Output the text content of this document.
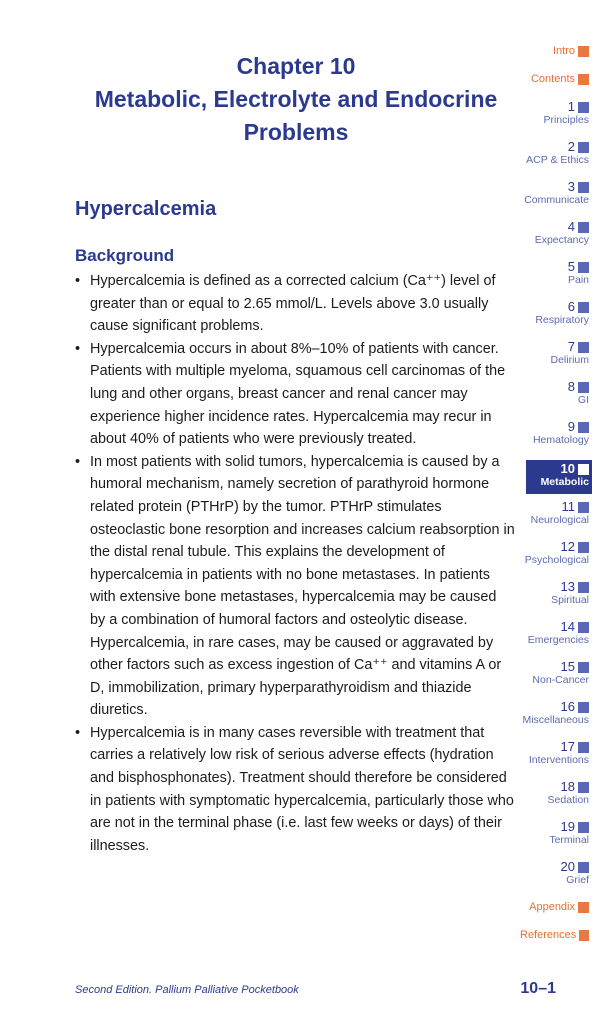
Chapter 10
Metabolic, Electrolyte and Endocrine
Problems
Hypercalcemia
Background
• Hypercalcemia is defined as a corrected calcium (Ca⁺⁺) level of greater than or equal to 2.65 mmol/L. Levels above 3.0 usually cause significant problems.
• Hypercalcemia occurs in about 8%–10% of patients with cancer. Patients with multiple myeloma, squamous cell carcinomas of the lung and other organs, breast cancer and renal cancer may experience higher incidence rates. Hypercalcemia may recur in about 40% of patients who were previously treated.
• In most patients with solid tumors, hypercalcemia is caused by a humoral mechanism, namely secretion of parathyroid hormone related protein (PTHrP) by the tumor. PTHrP stimulates osteoclastic bone resorption and increases calcium reabsorption in the distal renal tubule. This explains the development of hypercalcemia in patients with no bone metastases. In patients with extensive bone metastases, hypercalcemia may be caused by a combination of humoral factors and osteolytic disease. Hypercalcemia, in rare cases, may be caused or aggravated by other factors such as excess ingestion of Ca⁺⁺ and vitamins A or D, immobilization, primary hyperparathyroidism and thiazide diuretics.
• Hypercalcemia is in many cases reversible with treatment that carries a relatively low risk of serious adverse effects (hydration and bisphosphonates). Treatment should therefore be considered in patients with symptomatic hypercalcemia, particularly those who are not in the terminal phase (i.e. last few weeks or days) of their illnesses.
Intro
Contents
1
Principles
2
ACP & Ethics
3
Communicate
4
Expectancy
5
Pain
6
Respiratory
7
Delirium
8
GI
9
Hematology
10
Metabolic
11
Neurological
12
Psychological
13
Spiritual
14
Emergencies
15
Non-Cancer
16
Miscellaneous
17
Interventions
18
Sedation
19
Terminal
20
Grief
Appendix
References
Second Edition. Pallium Palliative Pocketbook	10–1
